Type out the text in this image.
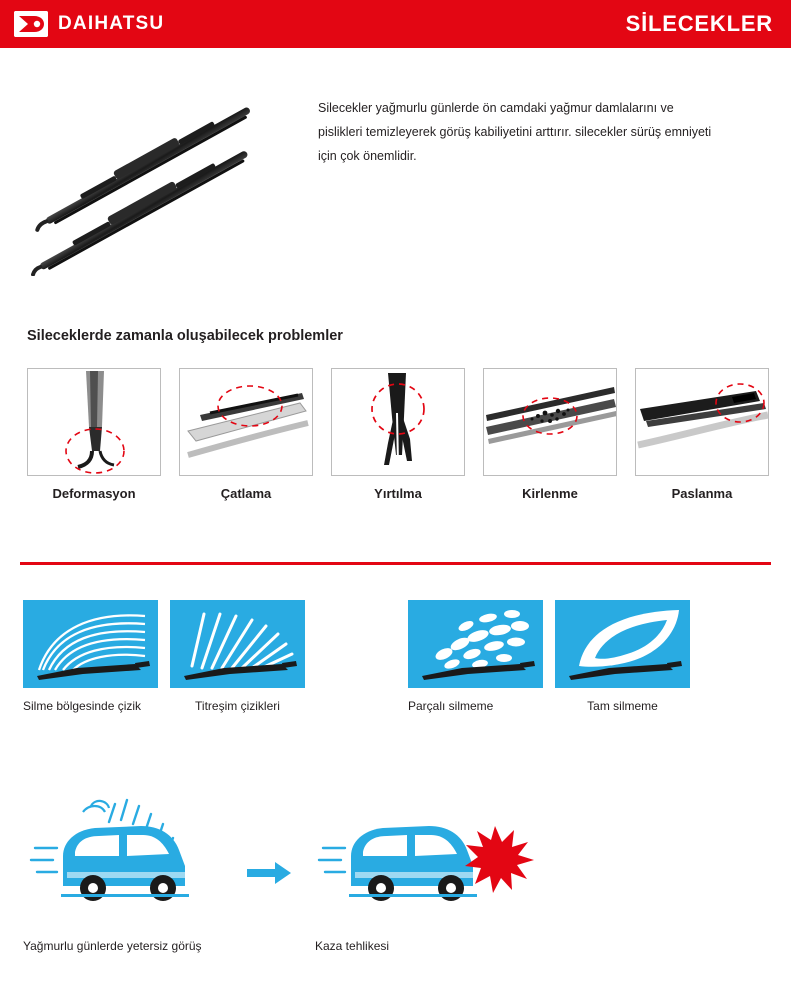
DAIHATSU	SİLECEKLER

Silecekler yağmurlu günlerde ön camdaki yağmur damlalarını ve pislikleri temizleyerek görüş kabiliyetini arttırır. silecekler sürüş emniyeti için çok önemlidir.

Sileceklerde zamanla oluşabilecek problemler
Deformasyon	Çatlama	Yırtılma	Kirlenme	Paslanma
Silme bölgesinde çizik	Titreşim çizikleri	Parçalı silmeme	Tam silmeme
Yağmurlu günlerde yetersiz görüş	Kaza tehlikesi
